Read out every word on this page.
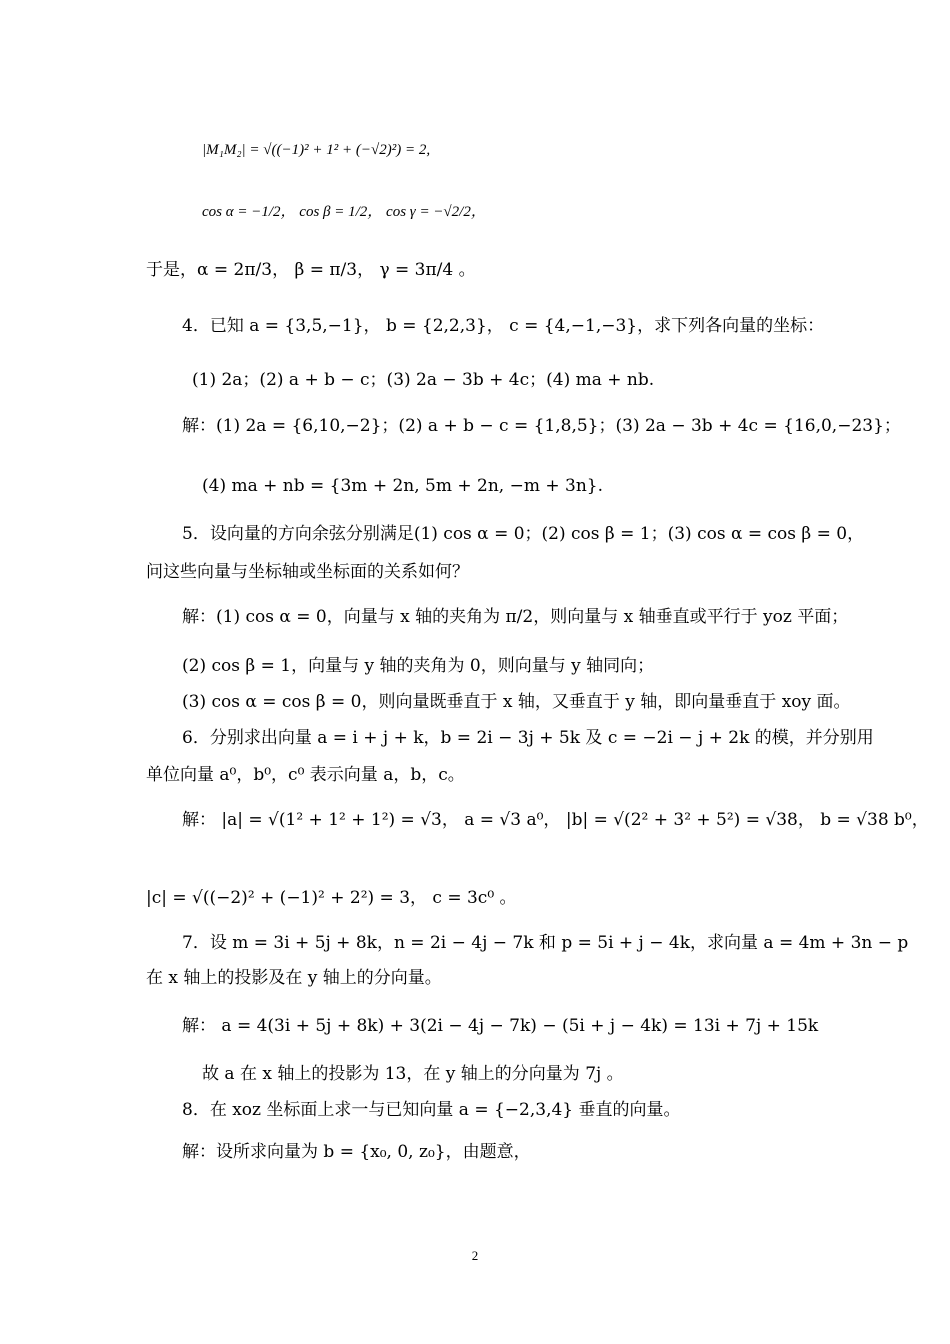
|M₁M₂| = √((−1)² + 1² + (−√2)²) = 2,
cos α = −1/2， cos β = 1/2， cos γ = −√2/2，
于是，α = 2π/3， β = π/3， γ = 3π/4 。
4．已知 a = {3,5,−1}， b = {2,2,3}， c = {4,−1,−3}，求下列各向量的坐标：
(1) 2a；(2) a + b − c；(3) 2a − 3b + 4c；(4) ma + nb.
解：(1) 2a = {6,10,−2}；(2) a + b − c = {1,8,5}；(3) 2a − 3b + 4c = {16,0,−23}；
(4) ma + nb = {3m + 2n, 5m + 2n, −m + 3n}.
5．设向量的方向余弦分别满足(1) cos α = 0；(2) cos β = 1；(3) cos α = cos β = 0，
问这些向量与坐标轴或坐标面的关系如何？
解：(1) cos α = 0，向量与 x 轴的夹角为 π/2，则向量与 x 轴垂直或平行于 yoz 平面；
(2) cos β = 1，向量与 y 轴的夹角为 0，则向量与 y 轴同向；
(3) cos α = cos β = 0，则向量既垂直于 x 轴，又垂直于 y 轴，即向量垂直于 xoy 面。
6．分别求出向量 a = i + j + k，b = 2i − 3j + 5k 及 c = −2i − j + 2k 的模，并分别用
单位向量 a⁰，b⁰，c⁰ 表示向量 a，b，c。
解： |a| = √(1² + 1² + 1²) = √3， a = √3 a⁰， |b| = √(2² + 3² + 5²) = √38， b = √38 b⁰，
|c| = √((−2)² + (−1)² + 2²) = 3， c = 3c⁰ 。
7．设 m = 3i + 5j + 8k，n = 2i − 4j − 7k 和 p = 5i + j − 4k，求向量 a = 4m + 3n − p
在 x 轴上的投影及在 y 轴上的分向量。
解： a = 4(3i + 5j + 8k) + 3(2i − 4j − 7k) − (5i + j − 4k) = 13i + 7j + 15k
故 a 在 x 轴上的投影为 13，在 y 轴上的分向量为 7j 。
8．在 xoz 坐标面上求一与已知向量 a = {−2,3,4} 垂直的向量。
解：设所求向量为 b = {x₀, 0, z₀}，由题意，
2
